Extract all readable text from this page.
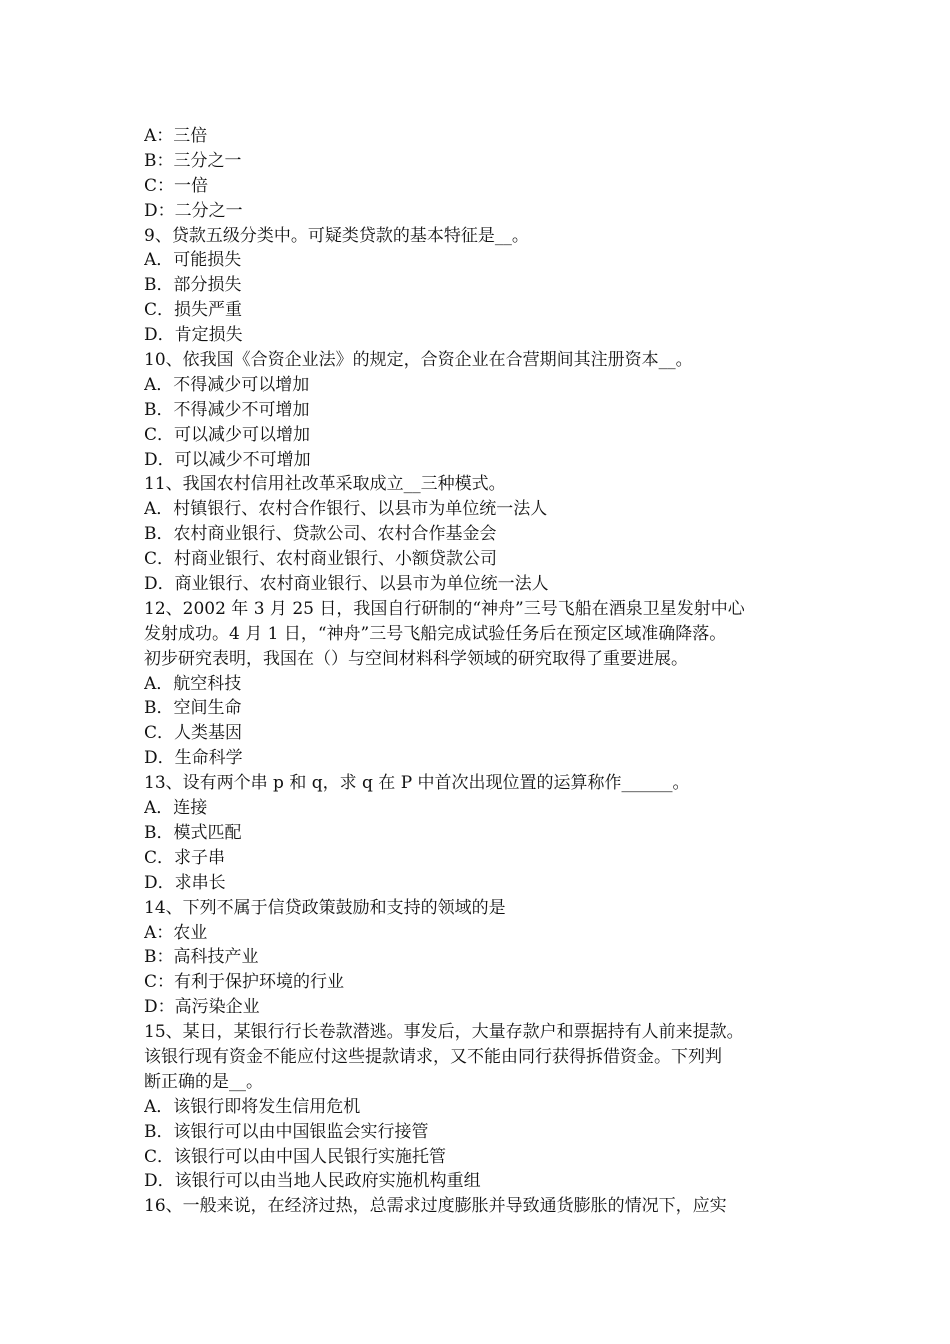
A：三倍
B：三分之一
C：一倍
D：二分之一
9、贷款五级分类中。可疑类贷款的基本特征是__。
A．可能损失
B．部分损失
C．损失严重
D．肯定损失
10、依我国《合资企业法》的规定，合资企业在合营期间其注册资本__。
A．不得减少可以增加
B．不得减少不可增加
C．可以减少可以增加
D．可以减少不可增加
11、我国农村信用社改革采取成立__三种模式。
A．村镇银行、农村合作银行、以县市为单位统一法人
B．农村商业银行、贷款公司、农村合作基金会
C．村商业银行、农村商业银行、小额贷款公司
D．商业银行、农村商业银行、以县市为单位统一法人
12、2002 年 3 月 25 日，我国自行研制的“神舟”三号飞船在酒泉卫星发射中心
发射成功。4 月 1 日，“神舟”三号飞船完成试验任务后在预定区域准确降落。
初步研究表明，我国在（）与空间材料科学领域的研究取得了重要进展。
A．航空科技
B．空间生命
C．人类基因
D．生命科学
13、设有两个串 p 和 q，求 q 在 P 中首次出现位置的运算称作______。
A．连接
B．模式匹配
C．求子串
D．求串长
14、下列不属于信贷政策鼓励和支持的领域的是
A：农业
B：高科技产业
C：有利于保护环境的行业
D：高污染企业
15、某日，某银行行长卷款潜逃。事发后，大量存款户和票据持有人前来提款。
该银行现有资金不能应付这些提款请求，又不能由同行获得拆借资金。下列判
断正确的是__。
A．该银行即将发生信用危机
B．该银行可以由中国银监会实行接管
C．该银行可以由中国人民银行实施托管
D．该银行可以由当地人民政府实施机构重组
16、一般来说，在经济过热，总需求过度膨胀并导致通货膨胀的情况下，应实
